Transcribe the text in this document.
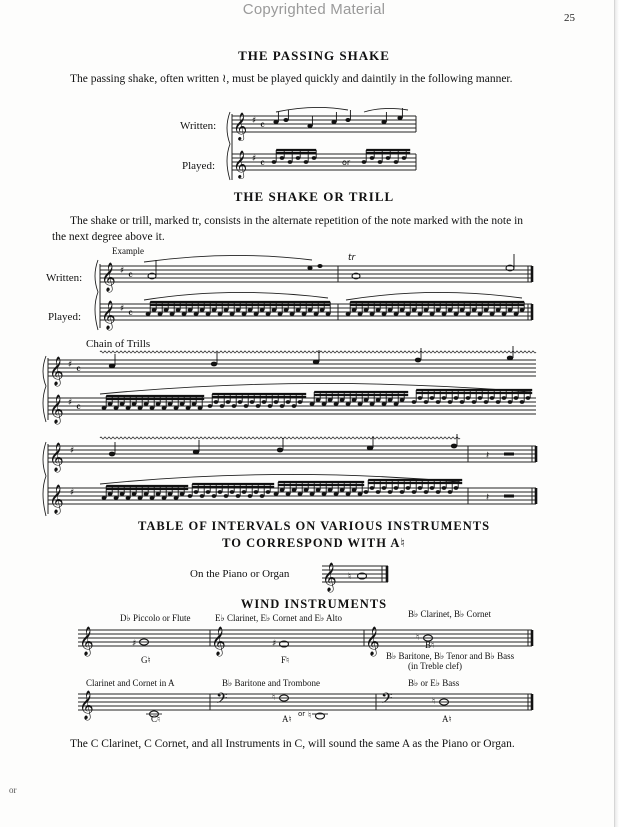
Copyrighted Material	25
or
THE PASSING SHAKE
The passing shake, often written ≀, must be played quickly and daintily in the following manner.
Written:
Played:
𝄞 ♯ 𝄴
𝄞 ♯ 𝄴	or
THE SHAKE OR TRILL
The shake or trill, marked tr, consists in the alternate repetition of the note marked with the note in the next degree above it.
Example
Written:
Played:
𝄞 ♯ 𝄴
tr
𝄞 ♯ 𝄴
Chain of Trills
𝄞 ♯ 𝄴
𝄞 ♯ 𝄴
𝄞 ♯	𝄽
𝄞 ♯	𝄽
TABLE OF INTERVALS ON VARIOUS INSTRUMENTS
TO CORRESPOND WITH A♮
On the Piano or Organ 𝄞 ♮
WIND INSTRUMENTS
D♭ Piccolo or Flute	E♭ Clarinet, E♭ Cornet and E♭ Alto	B♭ Clarinet, B♭ Cornet
𝄞	𝄞	𝄞
♯	♯
♮
G♮	F♮
B♮
B♭ Baritone, B♭ Tenor and B♭ Bass
(in Treble clef)
Clarinet and Cornet in A	B♭ Baritone and Trombone	B♭ or E♭ Bass
𝄞	𝄢	𝄢
♮
or ♮
♮
C♮	A♮	A♮
The C Clarinet, C Cornet, and all Instruments in C, will sound the same A as the Piano or Organ.
